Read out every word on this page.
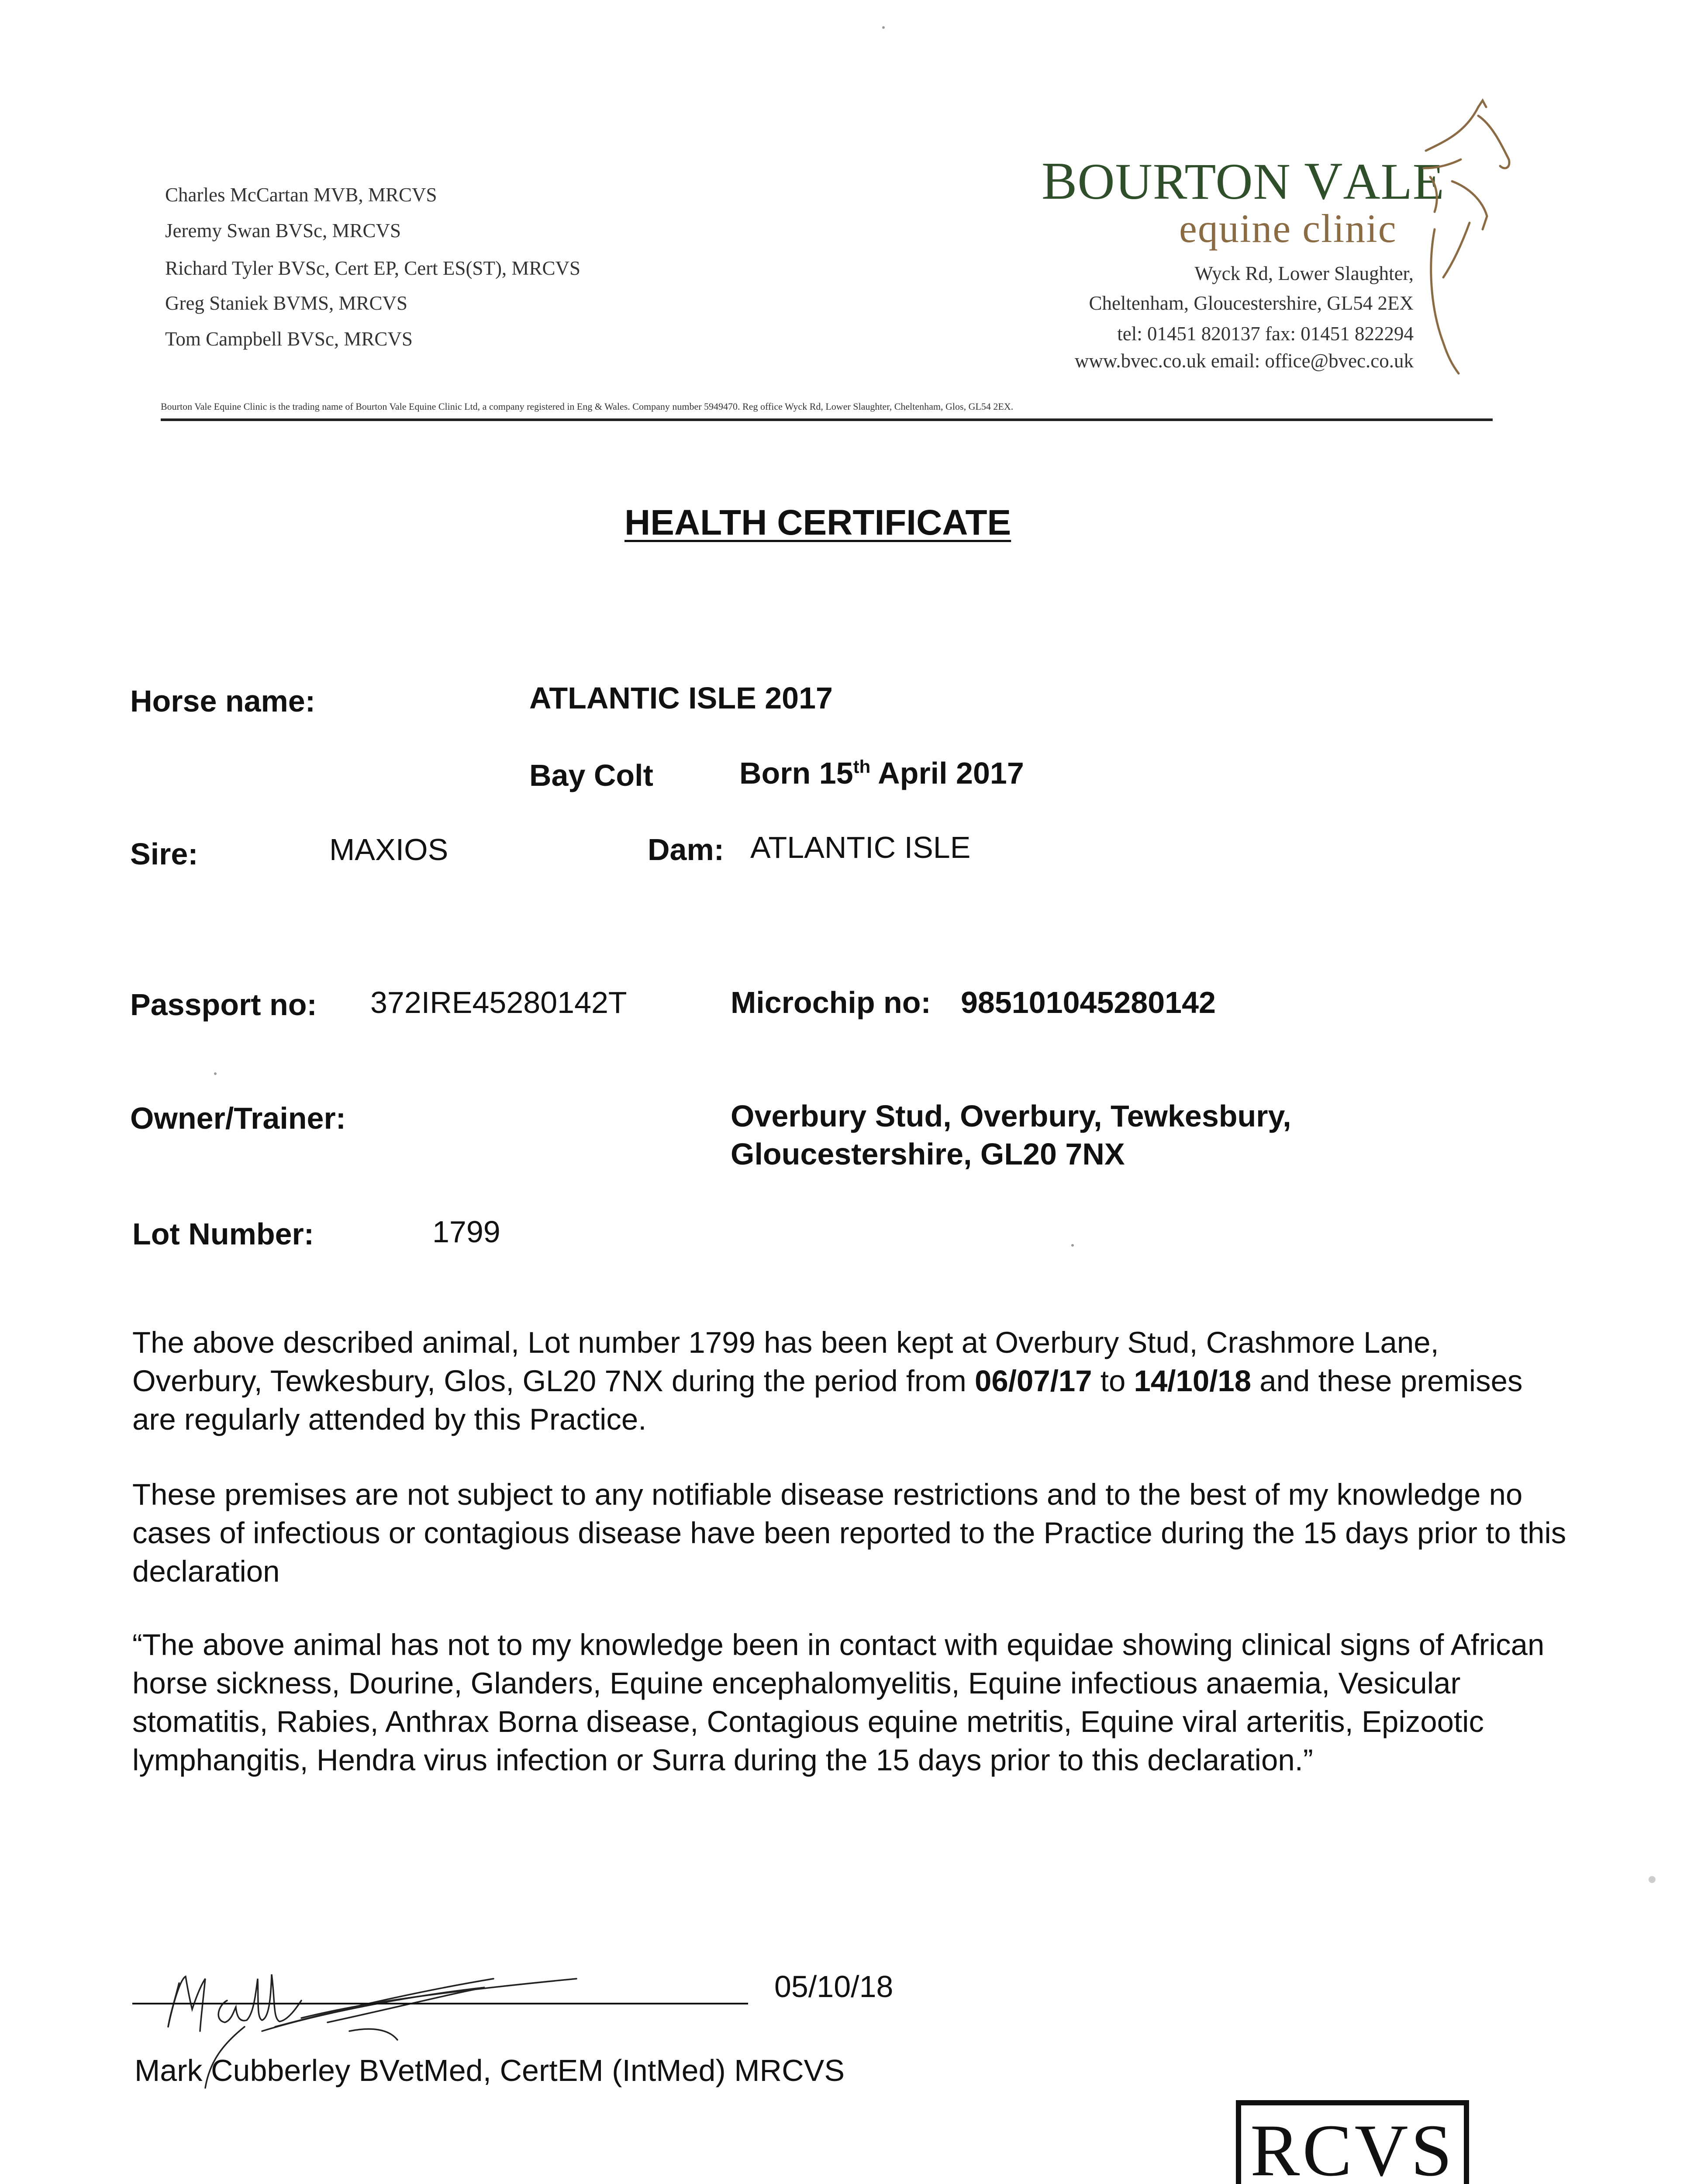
Charles McCartan MVB, MRCVS
Jeremy Swan BVSc, MRCVS
Richard Tyler BVSc, Cert EP, Cert ES(ST), MRCVS
Greg Staniek BVMS, MRCVS
Tom Campbell BVSc, MRCVS
BOURTON VALE
equine clinic
Wyck Rd, Lower Slaughter,
Cheltenham, Gloucestershire, GL54 2EX
tel: 01451 820137 fax: 01451 822294
www.bvec.co.uk email: office@bvec.co.uk
Bourton Vale Equine Clinic is the trading name of Bourton Vale Equine Clinic Ltd, a company registered in Eng & Wales. Company number 5949470. Reg office Wyck Rd, Lower Slaughter, Cheltenham, Glos, GL54 2EX.
HEALTH CERTIFICATE
Horse name:	ATLANTIC ISLE 2017
Bay Colt	Born 15th April 2017
Sire:	MAXIOS	Dam: ATLANTIC ISLE
Passport no: 372IRE45280142T	Microchip no: 985101045280142
Owner/Trainer:	Overbury Stud, Overbury, Tewkesbury,
Gloucestershire, GL20 7NX
Lot Number:	1799
The above described animal, Lot number 1799 has been kept at Overbury Stud, Crashmore Lane, Overbury, Tewkesbury, Glos, GL20 7NX during the period from 06/07/17 to 14/10/18 and these premises are regularly attended by this Practice.
These premises are not subject to any notifiable disease restrictions and to the best of my knowledge no cases of infectious or contagious disease have been reported to the Practice during the 15 days prior to this declaration
“The above animal has not to my knowledge been in contact with equidae showing clinical signs of African horse sickness, Dourine, Glanders, Equine encephalomyelitis, Equine infectious anaemia, Vesicular stomatitis, Rabies, Anthrax Borna disease, Contagious equine metritis, Equine viral arteritis, Epizootic lymphangitis, Hendra virus infection or Surra during the 15 days prior to this declaration.”
05/10/18
Mark Cubberley BVetMed, CertEM (IntMed) MRCVS
RCVS
